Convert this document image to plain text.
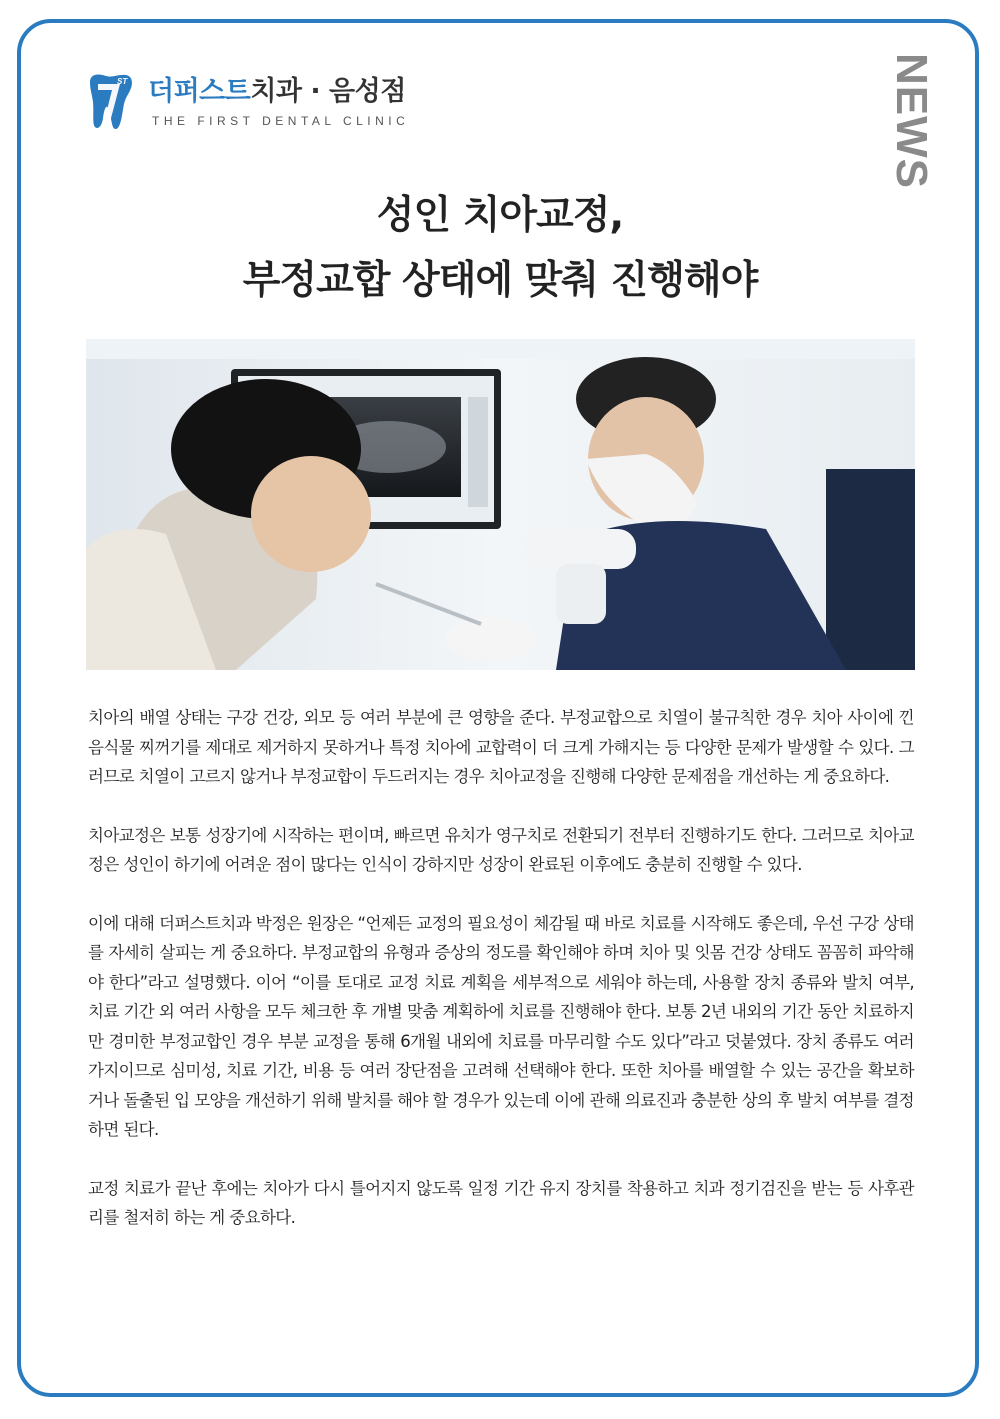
ST 더퍼스트치과 · 음성점
THE FIRST DENTAL CLINIC	NEWS
성인 치아교정,
부정교합 상태에 맞춰 진행해야

치아의 배열 상태는 구강 건강, 외모 등 여러 부분에 큰 영향을 준다. 부정교합으로 치열이 불규칙한 경우 치아 사이에 낀 음식물 찌꺼기를 제대로 제거하지 못하거나 특정 치아에 교합력이 더 크게 가해지는 등 다양한 문제가 발생할 수 있다. 그러므로 치열이 고르지 않거나 부정교합이 두드러지는 경우 치아교정을 진행해 다양한 문제점을 개선하는 게 중요하다.

치아교정은 보통 성장기에 시작하는 편이며, 빠르면 유치가 영구치로 전환되기 전부터 진행하기도 한다. 그러므로 치아교정은 성인이 하기에 어려운 점이 많다는 인식이 강하지만 성장이 완료된 이후에도 충분히 진행할 수 있다.

이에 대해 더퍼스트치과 박정은 원장은 “언제든 교정의 필요성이 체감될 때 바로 치료를 시작해도 좋은데, 우선 구강 상태를 자세히 살피는 게 중요하다. 부정교합의 유형과 증상의 정도를 확인해야 하며 치아 및 잇몸 건강 상태도 꼼꼼히 파악해야 한다”라고 설명했다. 이어 “이를 토대로 교정 치료 계획을 세부적으로 세워야 하는데, 사용할 장치 종류와 발치 여부, 치료 기간 외 여러 사항을 모두 체크한 후 개별 맞춤 계획하에 치료를 진행해야 한다. 보통 2년 내외의 기간 동안 치료하지만 경미한 부정교합인 경우 부분 교정을 통해 6개월 내외에 치료를 마무리할 수도 있다”라고 덧붙였다. 장치 종류도 여러 가지이므로 심미성, 치료 기간, 비용 등 여러 장단점을 고려해 선택해야 한다. 또한 치아를 배열할 수 있는 공간을 확보하거나 돌출된 입 모양을 개선하기 위해 발치를 해야 할 경우가 있는데 이에 관해 의료진과 충분한 상의 후 발치 여부를 결정하면 된다.

교정 치료가 끝난 후에는 치아가 다시 틀어지지 않도록 일정 기간 유지 장치를 착용하고 치과 정기검진을 받는 등 사후관리를 철저히 하는 게 중요하다.
